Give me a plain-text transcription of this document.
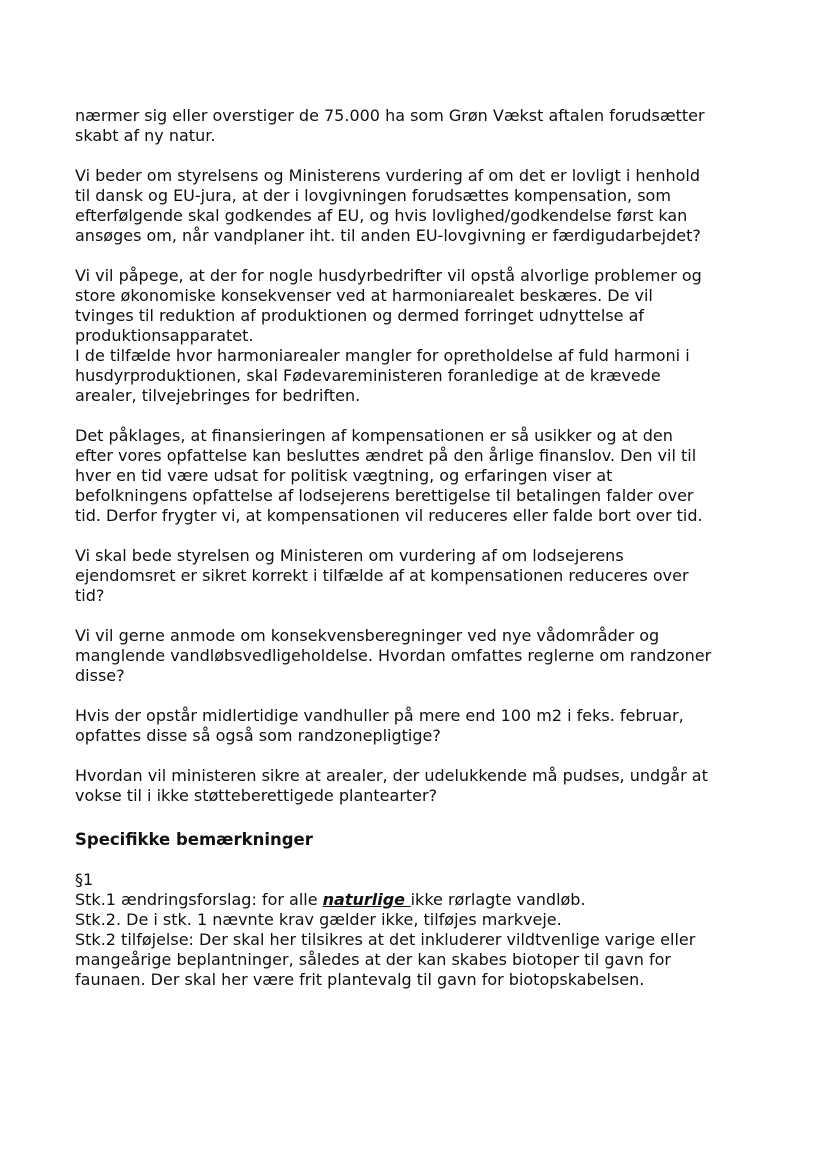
nærmer sig eller overstiger de 75.000 ha som Grøn Vækst aftalen forudsætter
skabt af ny natur.

Vi beder om styrelsens og Ministerens vurdering af om det er lovligt i henhold
til dansk og EU-jura, at der i lovgivningen forudsættes kompensation, som
efterfølgende skal godkendes af EU, og hvis lovlighed/godkendelse først kan
ansøges om, når vandplaner iht. til anden EU-lovgivning er færdigudarbejdet?

Vi vil påpege, at der for nogle husdyrbedrifter vil opstå alvorlige problemer og
store økonomiske konsekvenser ved at harmoniarealet beskæres. De vil
tvinges til reduktion af produktionen og dermed forringet udnyttelse af
produktionsapparatet.

I de tilfælde hvor harmoniarealer mangler for opretholdelse af fuld harmoni i
husdyrproduktionen, skal Fødevareministeren foranledige at de krævede
arealer, tilvejebringes for bedriften.

Det påklages, at finansieringen af kompensationen er så usikker og at den
efter vores opfattelse kan besluttes ændret på den årlige finanslov. Den vil til
hver en tid være udsat for politisk vægtning, og erfaringen viser at
befolkningens opfattelse af lodsejerens berettigelse til betalingen falder over
tid. Derfor frygter vi, at kompensationen vil reduceres eller falde bort over tid.

Vi skal bede styrelsen og Ministeren om vurdering af om lodsejerens
ejendomsret er sikret korrekt i tilfælde af at kompensationen reduceres over
tid?

Vi vil gerne anmode om konsekvensberegninger ved nye vådområder og
manglende vandløbsvedligeholdelse. Hvordan omfattes reglerne om randzoner
disse?

Hvis der opstår midlertidige vandhuller på mere end 100 m2 i feks. februar,
opfattes disse så også som randzonepligtige?

Hvordan vil ministeren sikre at arealer, der udelukkende må pudses, undgår at
vokse til i ikke støtteberettigede plantearter?

Specifikke bemærkninger

§1

Stk.1 ændringsforslag: for alle naturlige ikke rørlagte vandløb.

Stk.2. De i stk. 1 nævnte krav gælder ikke, tilføjes markveje.

Stk.2 tilføjelse: Der skal her tilsikres at det inkluderer vildtvenlige varige eller
mangeårige beplantninger, således at der kan skabes biotoper til gavn for
faunaen. Der skal her være frit plantevalg til gavn for biotopskabelsen.
